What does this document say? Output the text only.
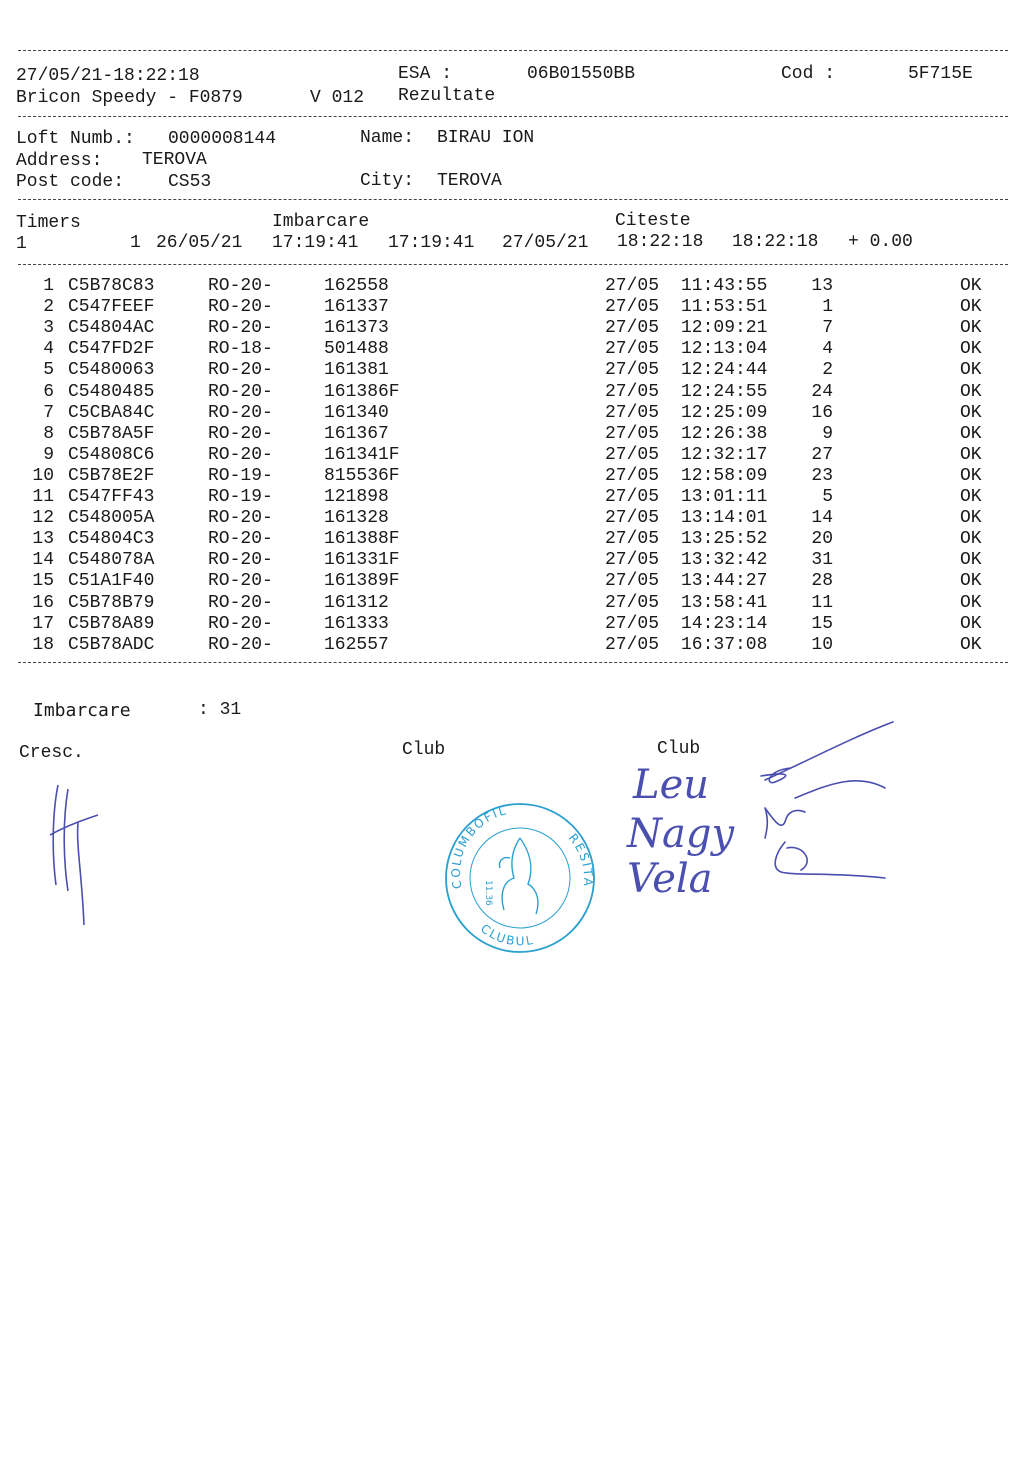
27/05/21-18:22:18	ESA :	06B01550BB	Cod :	5F715E
Bricon Speedy - F0879	V 012 Rezultate
Loft Numb.: 0000008144	Name: BIRAU ION
Address: TEROVA
Post code: CS53	City: TEROVA
Timers	Imbarcare	Citeste
1	1 26/05/21 17:19:41 17:19:41 27/05/21 18:22:18 18:22:18 + 0.00
1 C5B78C83	RO-20-	162558	27/05 11:43:55	13	OK
2 C547FEEF	RO-20-	161337	27/05 11:53:51	1	OK
3 C54804AC	RO-20-	161373	27/05 12:09:21	7	OK
4 C547FD2F	RO-18-	501488	27/05 12:13:04	4	OK
5 C5480063	RO-20-	161381	27/05 12:24:44	2	OK
6 C5480485	RO-20-	161386F	27/05 12:24:55	24	OK
7 C5CBA84C	RO-20-	161340	27/05 12:25:09	16	OK
8 C5B78A5F	RO-20-	161367	27/05 12:26:38	9	OK
9 C54808C6	RO-20-	161341F	27/05 12:32:17	27	OK
10 C5B78E2F	RO-19-	815536F	27/05 12:58:09	23	OK
11 C547FF43	RO-19-	121898	27/05 13:01:11	5	OK
12 C548005A	RO-20-	161328	27/05 13:14:01	14	OK
13 C54804C3	RO-20-	161388F	27/05 13:25:52	20	OK
14 C548078A	RO-20-	161331F	27/05 13:32:42	31	OK
15 C51A1F40	RO-20-	161389F	27/05 13:44:27	28	OK
16 C5B78B79	RO-20-	161312	27/05 13:58:41	11	OK
17 C5B78A89	RO-20-	161333	27/05 14:23:14	15	OK
18 C5B78ADC	RO-20-	162557	27/05 16:37:08	10	OK
Imbarcare	: 31
Cresc.	Club	Club
COLUMBOFIL
RESITA
CLUBUL
11.36
Leu
Nagy
Vela
